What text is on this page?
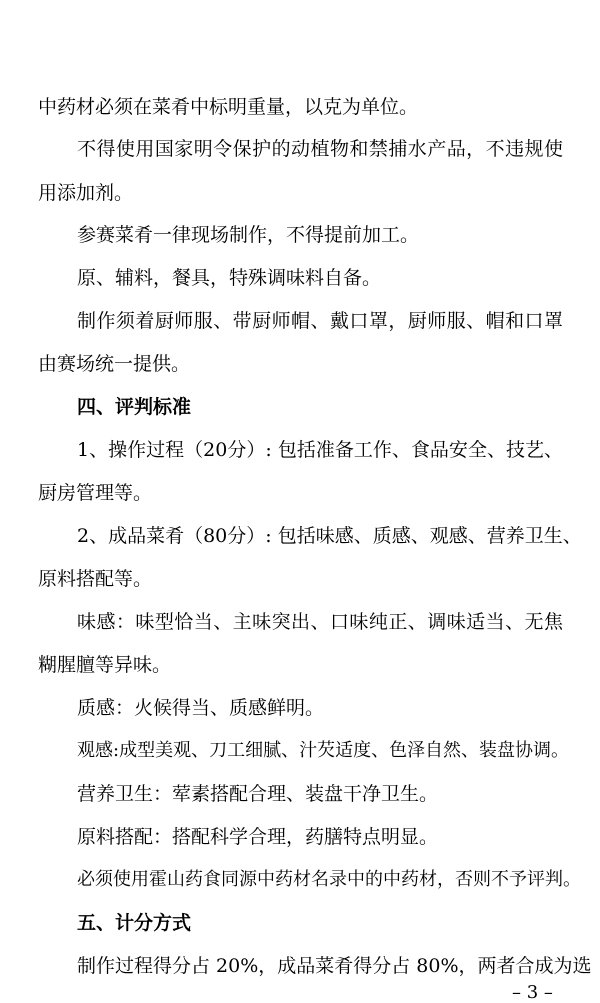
中药材必须在菜肴中标明重量，以克为单位。
不得使用国家明令保护的动植物和禁捕水产品，不违规使
用添加剂。
参赛菜肴一律现场制作，不得提前加工。
原、辅料，餐具，特殊调味料自备。
制作须着厨师服、带厨师帽、戴口罩，厨师服、帽和口罩
由赛场统一提供。
四、评判标准
1、操作过程（20分）: 包括准备工作、食品安全、技艺、
厨房管理等。
2、成品菜肴（80分）: 包括味感、质感、观感、营养卫生、
原料搭配等。
味感：味型恰当、主味突出、口味纯正、调味适当、无焦
糊腥膻等异味。
质感：火候得当、质感鲜明。
观感:成型美观、刀工细腻、汁芡适度、色泽自然、装盘协调。
营养卫生：荤素搭配合理、装盘干净卫生。
原料搭配：搭配科学合理，药膳特点明显。
必须使用霍山药食同源中药材名录中的中药材，否则不予评判。
五、计分方式
制作过程得分占 20%，成品菜肴得分占 80%，两者合成为选
– 3 –
